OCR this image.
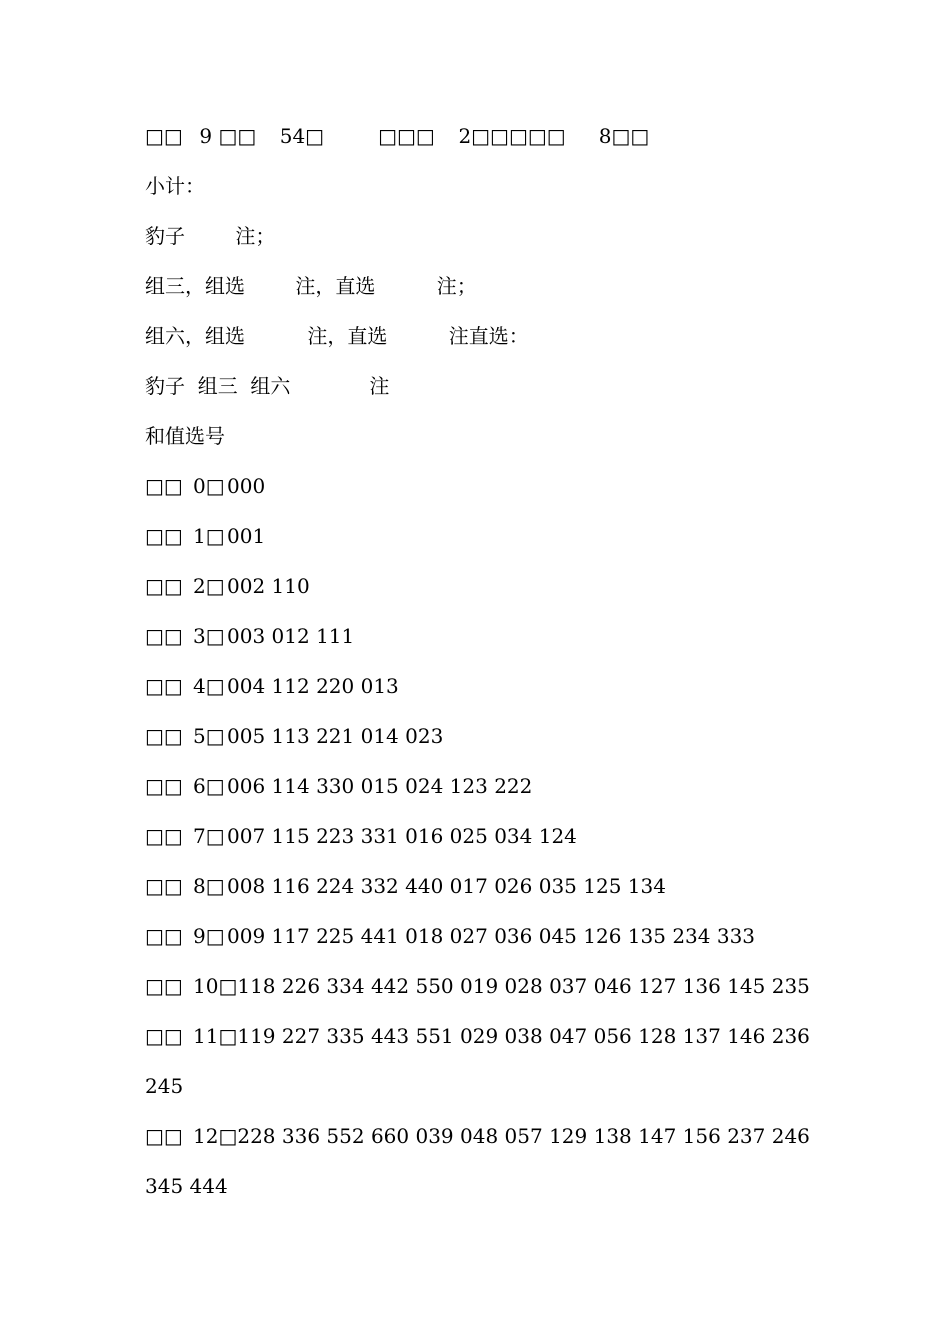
□□ 9 □□ 54□	□□□ 2□□□□□ 8□□
小计：
豹子	注；
组三，组选	注，直选	注；
组六，组选	注，直选	注直选：
豹子  组三  组六	注
和值选号
□□ 0□ 000
□□ 1□ 001
□□ 2□ 002 110
□□ 3□ 003 012 111
□□ 4□ 004 112 220 013
□□ 5□ 005 113 221 014 023
□□ 6□ 006 114 330 015 024 123 222
□□ 7□ 007 115 223 331 016 025 034 124
□□ 8□ 008 116 224 332 440 017 026 035 125 134
□□ 9□ 009 117 225 441 018 027 036 045 126 135 234 333
□□ 10□118 226 334 442 550 019 028 037 046 127 136 145 235
□□ 11□119 227 335 443 551 029 038 047 056 128 137 146 236
245
□□ 12□228 336 552 660 039 048 057 129 138 147 156 237 246
345 444
